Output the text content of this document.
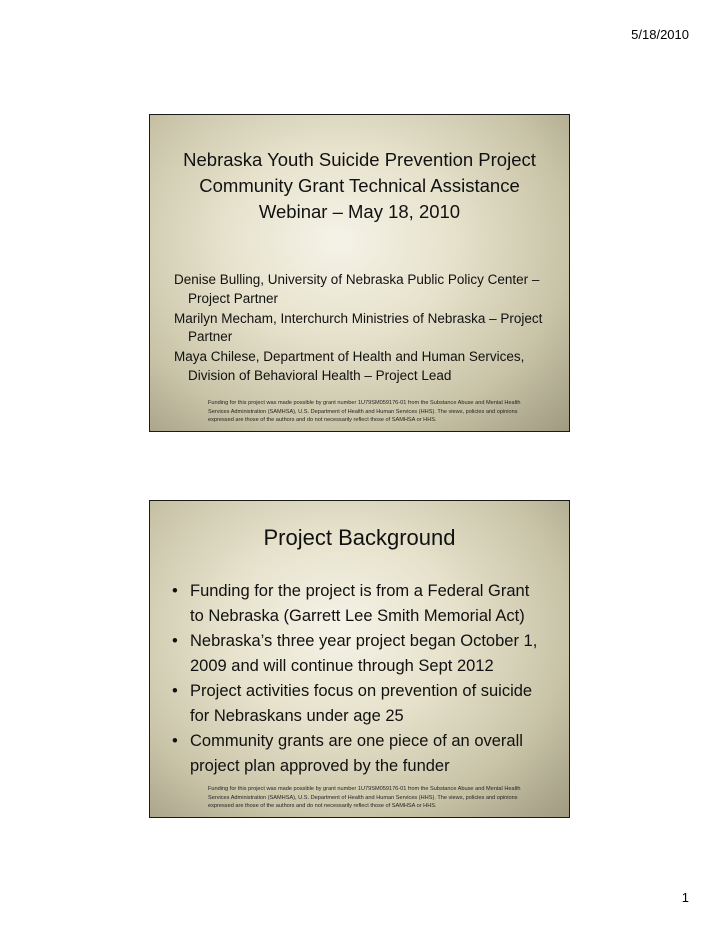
5/18/2010
Nebraska Youth Suicide Prevention Project
Community Grant Technical Assistance
Webinar – May 18, 2010
Denise Bulling, University of Nebraska Public Policy Center – Project Partner
Marilyn Mecham, Interchurch Ministries of Nebraska – Project Partner
Maya Chilese, Department of Health and Human Services, Division of Behavioral Health – Project Lead
Funding for this project was made possible by grant number 1U79SM059176-01 from the Substance Abuse and Mental Health Services Administration (SAMHSA), U.S. Department of Health and Human Services (HHS). The views, policies and opinions expressed are those of the authors and do not necessarily reflect those of SAMHSA or HHS.
Project Background
• Funding for the project is from a Federal Grant to Nebraska (Garrett Lee Smith Memorial Act)
• Nebraska’s three year project began October 1, 2009 and will continue through Sept 2012
• Project activities focus on prevention of suicide for Nebraskans under age 25
• Community grants are one piece of an overall project plan approved by the funder
Funding for this project was made possible by grant number 1U79SM059176-01 from the Substance Abuse and Mental Health Services Administration (SAMHSA), U.S. Department of Health and Human Services (HHS). The views, policies and opinions expressed are those of the authors and do not necessarily reflect those of SAMHSA or HHS.
1
